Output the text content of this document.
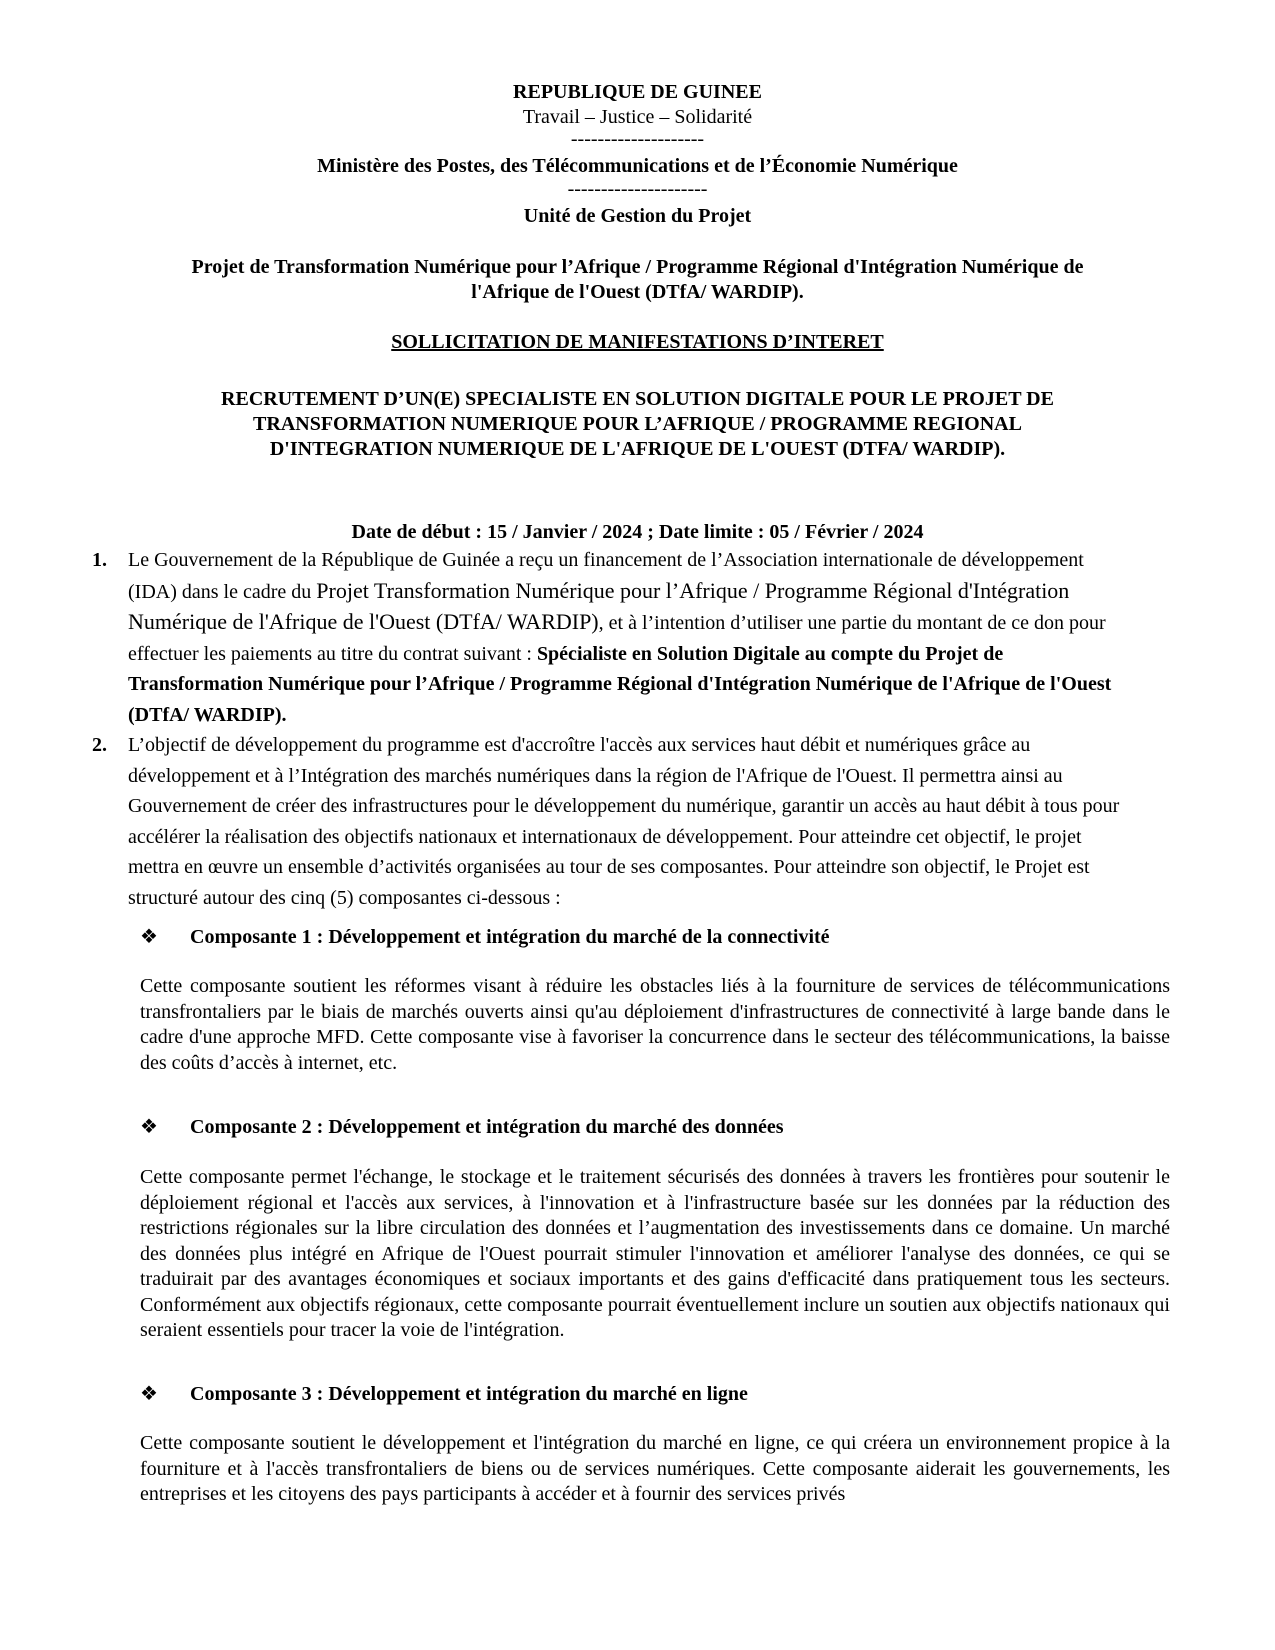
REPUBLIQUE DE GUINEE
Travail – Justice – Solidarité
--------------------
Ministère des Postes, des Télécommunications et de l’Économie Numérique
---------------------
Unité de Gestion du Projet
Projet de Transformation Numérique pour l’Afrique / Programme Régional d'Intégration Numérique de
l'Afrique de l'Ouest (DTfA/ WARDIP).
SOLLICITATION DE MANIFESTATIONS D’INTERET
RECRUTEMENT D’UN(E) SPECIALISTE EN SOLUTION DIGITALE POUR LE PROJET DE
TRANSFORMATION NUMERIQUE POUR L’AFRIQUE / PROGRAMME REGIONAL
D'INTEGRATION NUMERIQUE DE L'AFRIQUE DE L'OUEST (DTFA/ WARDIP).
Date de début : 15 / Janvier / 2024 ; Date limite : 05 / Février / 2024
1. Le Gouvernement de la République de Guinée a reçu un financement de l’Association internationale de développement (IDA) dans le cadre du Projet Transformation Numérique pour l’Afrique / Programme Régional d'Intégration Numérique de l'Afrique de l'Ouest (DTfA/ WARDIP), et à l’intention d’utiliser une partie du montant de ce don pour effectuer les paiements au titre du contrat suivant : Spécialiste en Solution Digitale au compte du Projet de Transformation Numérique pour l’Afrique / Programme Régional d'Intégration Numérique de l'Afrique de l'Ouest (DTfA/ WARDIP).
2. L’objectif de développement du programme est d'accroître l'accès aux services haut débit et numériques grâce au développement et à l’Intégration des marchés numériques dans la région de l'Afrique de l'Ouest. Il permettra ainsi au Gouvernement de créer des infrastructures pour le développement du numérique, garantir un accès au haut débit à tous pour accélérer la réalisation des objectifs nationaux et internationaux de développement. Pour atteindre cet objectif, le projet mettra en œuvre un ensemble d’activités organisées au tour de ses composantes. Pour atteindre son objectif, le Projet est structuré autour des cinq (5) composantes ci-dessous :
❖ Composante 1 : Développement et intégration du marché de la connectivité
Cette composante soutient les réformes visant à réduire les obstacles liés à la fourniture de services de télécommunications transfrontaliers par le biais de marchés ouverts ainsi qu'au déploiement d'infrastructures de connectivité à large bande dans le cadre d'une approche MFD. Cette composante vise à favoriser la concurrence dans le secteur des télécommunications, la baisse des coûts d’accès à internet, etc.
❖ Composante 2 : Développement et intégration du marché des données
Cette composante permet l'échange, le stockage et le traitement sécurisés des données à travers les frontières pour soutenir le déploiement régional et l'accès aux services, à l'innovation et à l'infrastructure basée sur les données par la réduction des restrictions régionales sur la libre circulation des données et l’augmentation des investissements dans ce domaine. Un marché des données plus intégré en Afrique de l'Ouest pourrait stimuler l'innovation et améliorer l'analyse des données, ce qui se traduirait par des avantages économiques et sociaux importants et des gains d'efficacité dans pratiquement tous les secteurs. Conformément aux objectifs régionaux, cette composante pourrait éventuellement inclure un soutien aux objectifs nationaux qui seraient essentiels pour tracer la voie de l'intégration.
❖ Composante 3 : Développement et intégration du marché en ligne
Cette composante soutient le développement et l'intégration du marché en ligne, ce qui créera un environnement propice à la fourniture et à l'accès transfrontaliers de biens ou de services numériques. Cette composante aiderait les gouvernements, les entreprises et les citoyens des pays participants à accéder et à fournir des services privés
